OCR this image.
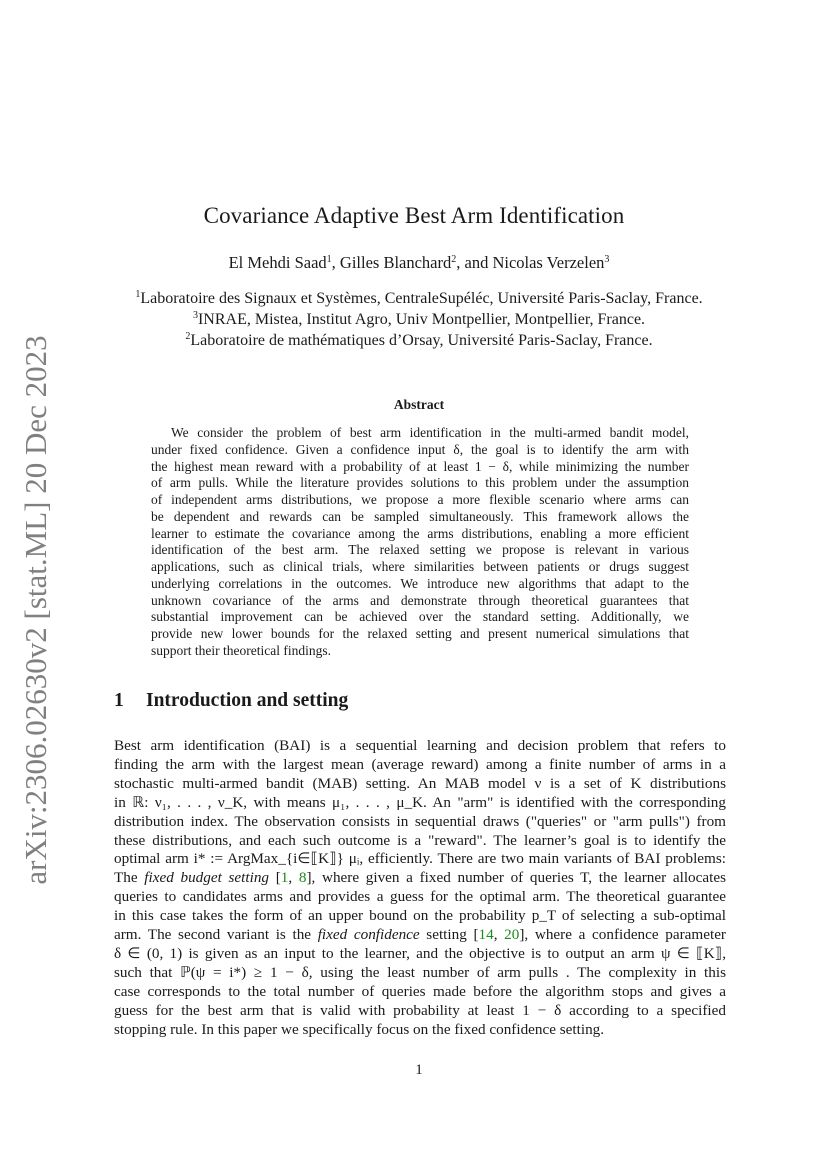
arXiv:2306.02630v2 [stat.ML] 20 Dec 2023
Covariance Adaptive Best Arm Identification
El Mehdi Saad$^1$, Gilles Blanchard$^2$, and Nicolas Verzelen$^3$
$^1$Laboratoire des Signaux et Systèmes, CentraleSupéléc, Université Paris-Saclay, France.
$^3$INRAE, Mistea, Institut Agro, Univ Montpellier, Montpellier, France.
$^2$Laboratoire de mathématiques d’Orsay, Université Paris-Saclay, France.
Abstract
We consider the problem of best arm identification in the multi-armed bandit model,
under fixed confidence. Given a confidence input δ, the goal is to identify the arm with
the highest mean reward with a probability of at least 1 − δ, while minimizing the number
of arm pulls. While the literature provides solutions to this problem under the assumption
of independent arms distributions, we propose a more flexible scenario where arms can
be dependent and rewards can be sampled simultaneously. This framework allows the
learner to estimate the covariance among the arms distributions, enabling a more efficient
identification of the best arm. The relaxed setting we propose is relevant in various
applications, such as clinical trials, where similarities between patients or drugs suggest
underlying correlations in the outcomes. We introduce new algorithms that adapt to the
unknown covariance of the arms and demonstrate through theoretical guarantees that
substantial improvement can be achieved over the standard setting. Additionally, we
provide new lower bounds for the relaxed setting and present numerical simulations that
support their theoretical findings.
1 Introduction and setting
Best arm identification (BAI) is a sequential learning and decision problem that refers to
finding the arm with the largest mean (average reward) among a finite number of arms in a
stochastic multi-armed bandit (MAB) setting. An MAB model ν is a set of K distributions
in ℝ: ν₁, . . . , ν_K, with means μ₁, . . . , μ_K. An "arm" is identified with the corresponding
distribution index. The observation consists in sequential draws ("queries" or "arm pulls") from
these distributions, and each such outcome is a "reward". The learner’s goal is to identify the
optimal arm i* := ArgMax_{i∈⟦K⟧} μᵢ, efficiently. There are two main variants of BAI problems:
The fixed budget setting [1, 8], where given a fixed number of queries T, the learner allocates
queries to candidates arms and provides a guess for the optimal arm. The theoretical guarantee
in this case takes the form of an upper bound on the probability p_T of selecting a sub-optimal
arm. The second variant is the fixed confidence setting [14, 20], where a confidence parameter
δ ∈ (0, 1) is given as an input to the learner, and the objective is to output an arm ψ ∈ ⟦K⟧,
such that ℙ(ψ = i*) ≥ 1 − δ, using the least number of arm pulls . The complexity in this
case corresponds to the total number of queries made before the algorithm stops and gives a
guess for the best arm that is valid with probability at least 1 − δ according to a specified
stopping rule. In this paper we specifically focus on the fixed confidence setting.
1
